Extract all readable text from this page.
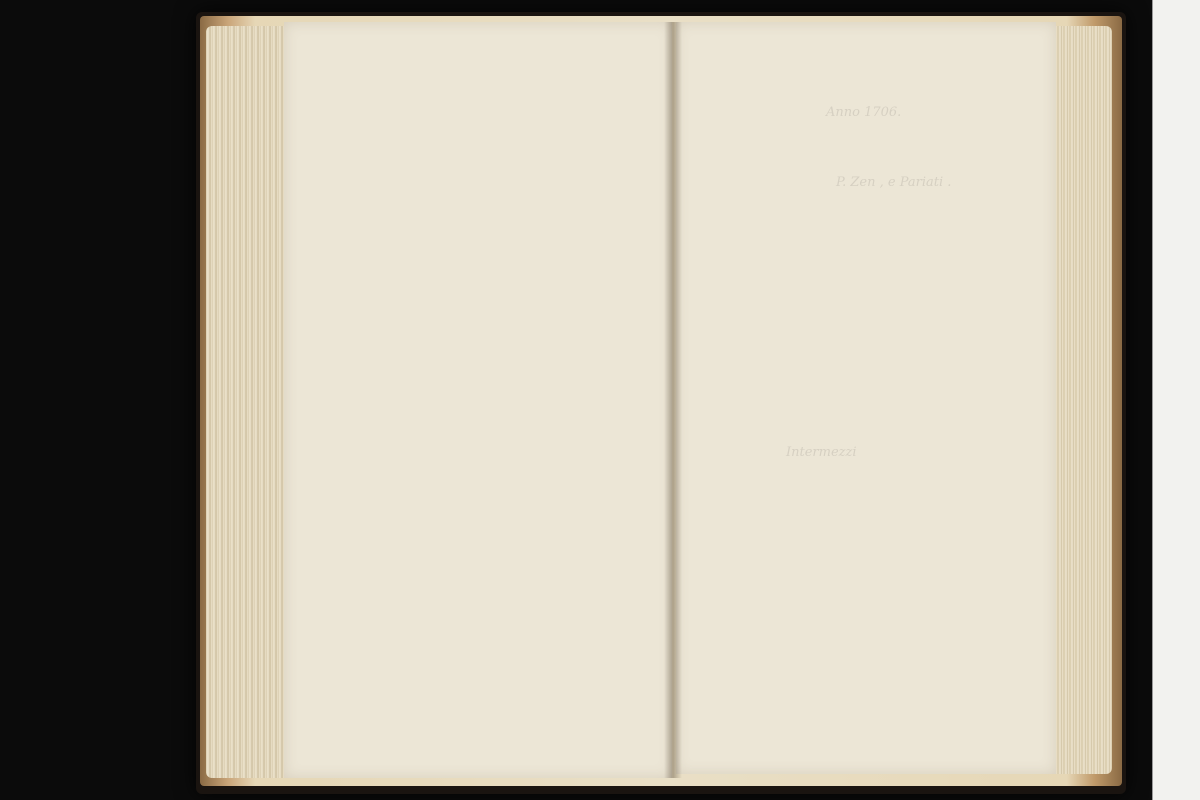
Anno 1706.
P. Zen , e Pariati .
Intermezzi
